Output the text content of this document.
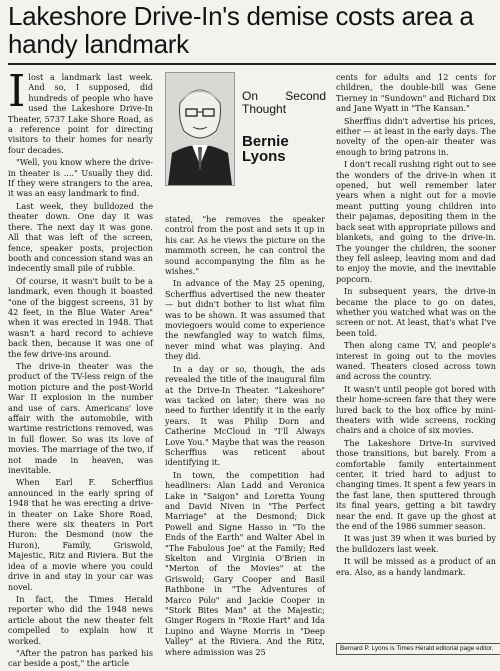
Lakeshore Drive-In's demise costs area a handy landmark

Ilost a landmark last week. And so, I supposed, did hundreds of people who have used the Lakeshore Drive-In Theater, 5737 Lake Shore Road, as a reference point for directing visitors to their homes for nearly four decades.

"Well, you know where the drive-in theater is ...." Usually they did. If they were strangers to the area, it was an easy landmark to find.

Last week, they bulldozed the theater down. One day it was there. The next day it was gone. All that was left of the screen, fence, speaker posts, projection booth and concession stand was an indecently small pile of rubble.

Of course, it wasn't built to be a landmark, even though it boasted "one of the biggest screens, 31 by 42 feet, in the Blue Water Area" when it was erected in 1948. That wasn't a hard record to achieve back then, because it was one of the few drive-ins around.

The drive-in theater was the product of the TV-less reign of the motion picture and the post-World War II explosion in the number and use of cars. Americans' love affair with the automobile, with wartime restrictions removed, was in full flower. So was its love of movies. The marriage of the two, if not made in heaven, was inevitable.

When Earl F. Scherffius announced in the early spring of 1948 that he was erecting a drive-in theater on Lake Shore Road, there were six theaters in Port Huron: the Desmond (now the Huron), Family, Griswold, Majestic, Ritz and Riviera. But the idea of a movie where you could drive in and stay in your car was novel.

In fact, the Times Herald reporter who did the 1948 news article about the new theater felt compelled to explain how it worked.

"After the patron has parked his car beside a post," the article

On Second Thought
Bernie Lyons

stated, "he removes the speaker control from the post and sets it up in his car. As he views the picture on the mammoth screen, he can control the sound accompanying the film as he wishes."

In advance of the May 25 opening, Scherffius advertised the new theater — but didn't bother to list what film was to be shown. It was assumed that moviegoers would come to experience the newfangled way to watch films, never mind what was playing. And they did.

In a day or so, though, the ads revealed the title of the inaugural film at the Drive-In Theater. "Lakeshore" was tacked on later; there was no need to further identify it in the early years. It was Philip Dorn and Catherine McCloud in "I'll Always Love You." Maybe that was the reason Scherffius was reticent about identifying it.

In town, the competition had headliners: Alan Ladd and Veronica Lake in "Saigon" and Loretta Young and David Niven in "The Perfect Marriage" at the Desmond; Dick Powell and Signe Hasso in "To the Ends of the Earth" and Walter Abel in "The Fabulous Joe" at the Family; Red Skelton and Virginia O'Brien in "Merton of the Movies" at the Griswold; Gary Cooper and Basil Rathbone in "The Adventures of Marco Polo" and Jackie Cooper in "Stork Bites Man" at the Majestic; Ginger Rogers in "Roxie Hart" and Ida Lupino and Wayne Morris in "Deep Valley" at the Riviera. And the Ritz, where admission was 25

cents for adults and 12 cents for children, the double-bill was Gene Tierney in "Sundown" and Richard Dix and Jane Wyatt in "The Kansan."

Sherffius didn't advertise his prices, either — at least in the early days. The novelty of the open-air theater was enough to bring patrons in.

I don't recall rushing right out to see the wonders of the drive-in when it opened, but well remember later years when a night out for a movie meant putting young children into their pajamas, depositing them in the back seat with appropriate pillows and blankets, and going to the drive-in. The younger the children, the sooner they fell asleep, leaving mom and dad to enjoy the movie, and the inevitable popcorn.

In subsequent years, the drive-in became the place to go on dates, whether you watched what was on the screen or not. At least, that's what I've been told.

Then along came TV, and people's interest in going out to the movies waned. Theaters closed across town and across the country.

It wasn't until people got bored with their home-screen fare that they were lured back to the box office by mini-theaters with wide screens, rocking chairs and a choice of six movies.

The Lakeshore Drive-In survived those transitions, but barely. From a comfortable family entertainment center, it tried hard to adjust to changing times. It spent a few years in the fast lane, then sputtered through its final years, getting a bit tawdry near the end. It gave up the ghost at the end of the 1986 summer season.

It was just 39 when it was buried by the bulldozers last week.

It will be missed as a product of an era. Also, as a handy landmark.

Bernard P. Lyons is Times Herald editorial page editor.
